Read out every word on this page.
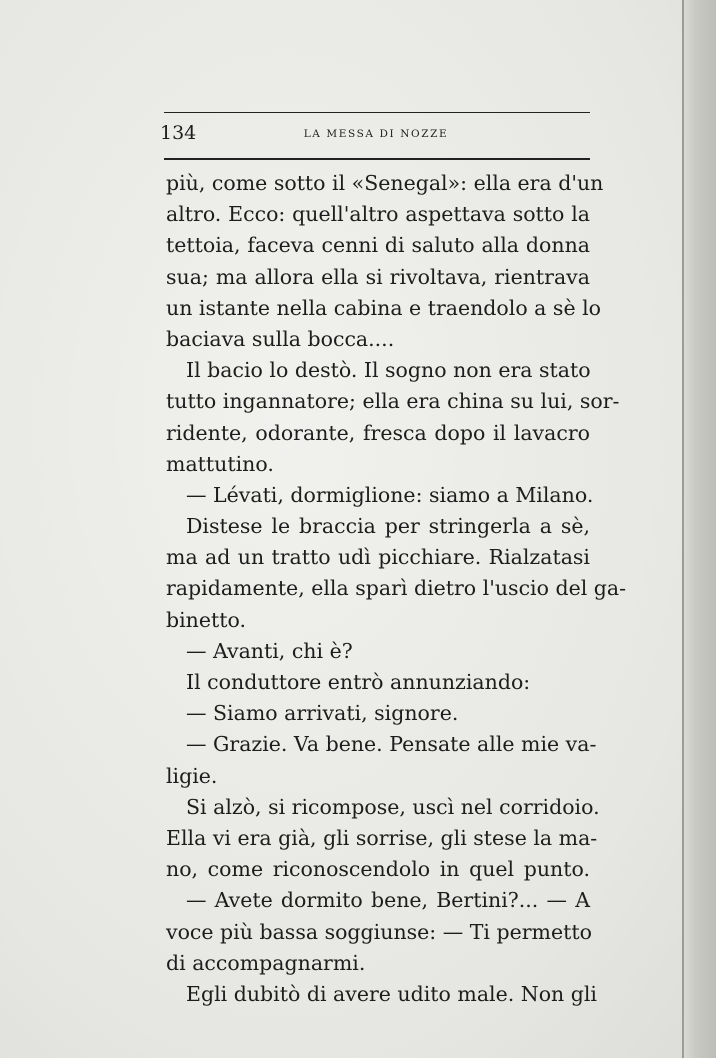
134	LA MESSA DI NOZZE
più, come sotto il «Senegal»: ella era d'un
altro. Ecco: quell'altro aspettava sotto la
tettoia, faceva cenni di saluto alla donna
sua; ma allora ella si rivoltava, rientrava
un istante nella cabina e traendolo a sè lo
baciava sulla bocca....
Il bacio lo destò. Il sogno non era stato
tutto ingannatore; ella era china su lui, sor-
ridente, odorante, fresca dopo il lavacro
mattutino.
— Lévati, dormiglione: siamo a Milano.
Distese le braccia per stringerla a sè,
ma ad un tratto udì picchiare. Rialzatasi
rapidamente, ella sparì dietro l'uscio del ga-
binetto.
— Avanti, chi è?
Il conduttore entrò annunziando:
— Siamo arrivati, signore.
— Grazie. Va bene. Pensate alle mie va-
ligie.
Si alzò, si ricompose, uscì nel corridoio.
Ella vi era già, gli sorrise, gli stese la ma-
no, come riconoscendolo in quel punto.
— Avete dormito bene, Bertini?... — A
voce più bassa soggiunse: — Ti permetto
di accompagnarmi.
Egli dubitò di avere udito male. Non gli
